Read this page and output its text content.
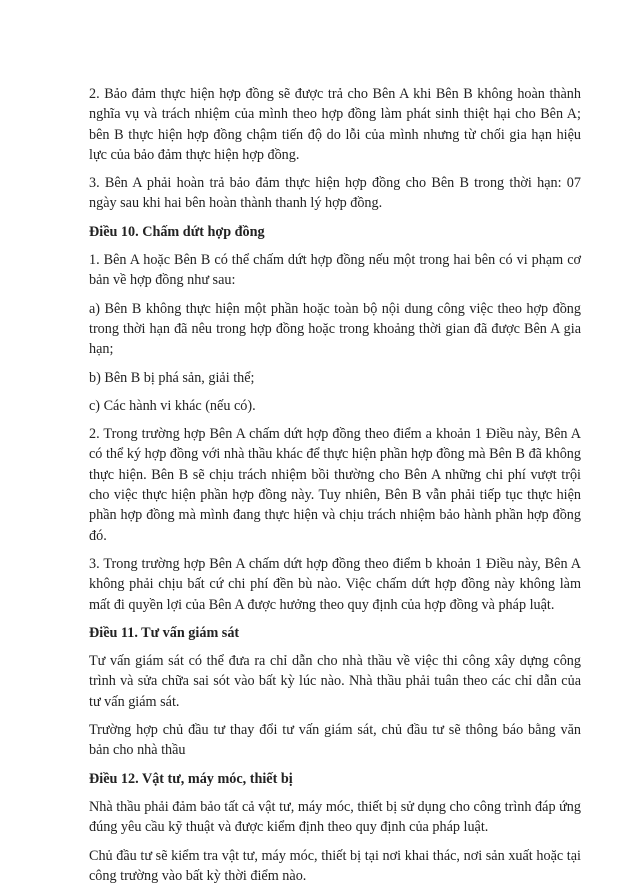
2. Bảo đảm thực hiện hợp đồng sẽ được trả cho Bên A khi Bên B không hoàn thành nghĩa vụ và trách nhiệm của mình theo hợp đồng làm phát sinh thiệt hại cho Bên A; bên B thực hiện hợp đồng chậm tiến độ do lỗi của mình nhưng từ chối gia hạn hiệu lực của bảo đảm thực hiện hợp đồng.

3. Bên A phải hoàn trả bảo đảm thực hiện hợp đồng cho Bên B trong thời hạn: 07 ngày sau khi hai bên hoàn thành thanh lý hợp đồng.

Điều 10. Chấm dứt hợp đồng

1. Bên A hoặc Bên B có thể chấm dứt hợp đồng nếu một trong hai bên có vi phạm cơ bản về hợp đồng như sau:

a) Bên B không thực hiện một phần hoặc toàn bộ nội dung công việc theo hợp đồng trong thời hạn đã nêu trong hợp đồng hoặc trong khoảng thời gian đã được Bên A gia hạn;

b) Bên B bị phá sản, giải thể;

c) Các hành vi khác (nếu có).

2. Trong trường hợp Bên A chấm dứt hợp đồng theo điểm a khoản 1 Điều này, Bên A có thể ký hợp đồng với nhà thầu khác để thực hiện phần hợp đồng mà Bên B đã không thực hiện. Bên B sẽ chịu trách nhiệm bồi thường cho Bên A những chi phí vượt trội cho việc thực hiện phần hợp đồng này. Tuy nhiên, Bên B vẫn phải tiếp tục thực hiện phần hợp đồng mà mình đang thực hiện và chịu trách nhiệm bảo hành phần hợp đồng đó.

3. Trong trường hợp Bên A chấm dứt hợp đồng theo điểm b khoản 1 Điều này, Bên A không phải chịu bất cứ chi phí đền bù nào. Việc chấm dứt hợp đồng này không làm mất đi quyền lợi của Bên A được hưởng theo quy định của hợp đồng và pháp luật.

Điều 11. Tư vấn giám sát

Tư vấn giám sát có thể đưa ra chỉ dẫn cho nhà thầu về việc thi công xây dựng công trình và sửa chữa sai sót vào bất kỳ lúc nào. Nhà thầu phải tuân theo các chỉ dẫn của tư vấn giám sát.

Trường hợp chủ đầu tư thay đổi tư vấn giám sát, chủ đầu tư sẽ thông báo bằng văn bản cho nhà thầu

Điều 12. Vật tư, máy móc, thiết bị

Nhà thầu phải đảm bảo tất cả vật tư, máy móc, thiết bị sử dụng cho công trình đáp ứng đúng yêu cầu kỹ thuật và được kiểm định theo quy định của pháp luật.

Chủ đầu tư sẽ kiểm tra vật tư, máy móc, thiết bị tại nơi khai thác, nơi sản xuất hoặc tại công trường vào bất kỳ thời điểm nào.
